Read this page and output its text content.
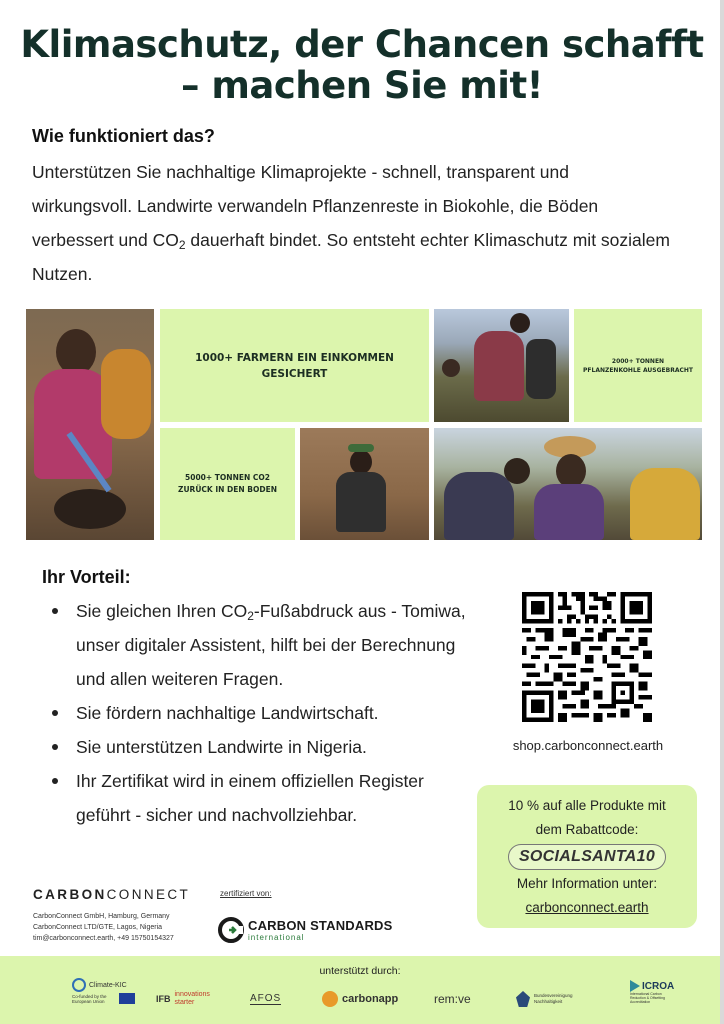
Klimaschutz, der Chancen schafft
– machen Sie mit!
Wie funktioniert das?

Unterstützen Sie nachhaltige Klimaprojekte - schnell, transparent und wirkungsvoll. Landwirte verwandeln Pflanzenreste in Biokohle, die Böden verbessert und $CO_2$ dauerhaft bindet. So entsteht echter Klimaschutz mit sozialem Nutzen.

1000+ FARMERN EIN EINKOMMEN GESICHERT
2000+ TONNEN PFLANZENKOHLE AUSGEBRACHT
5000+ TONNEN CO2 ZURÜCK IN DEN BODEN
Ihr Vorteil:
Sie gleichen Ihren $CO_2$-Fußabdruck aus - Tomiwa, unser digitaler Assistent, hilft bei der Berechnung und allen weiteren Fragen.
Sie fördern nachhaltige Landwirtschaft.
Sie unterstützen Landwirte in Nigeria.
Ihr Zertifikat wird in einem offiziellen Register geführt - sicher und nachvollziehbar.
shop.carbonconnect.earth
10 % auf alle Produkte mit
dem Rabattcode:
SOCIALSANTA10
Mehr Information unter:
carbonconnect.earth
CARBONCONNECT
CarbonConnect GmbH, Hamburg, Germany
CarbonConnect LTD/GTE, Lagos, Nigeria
tim@carbonconnect.earth, +49 15750154327
zertifiziert von:
CARBON STANDARDS
international
unterstützt durch:
Climate-KIC
Co-funded by the European Union	IFB innovations starter	AFOS	carbonapp	rem:ve	Bundesvereinigung Nachhaltigkeit
ICROA
International Carbon Reduction & Offsetting Accreditation
